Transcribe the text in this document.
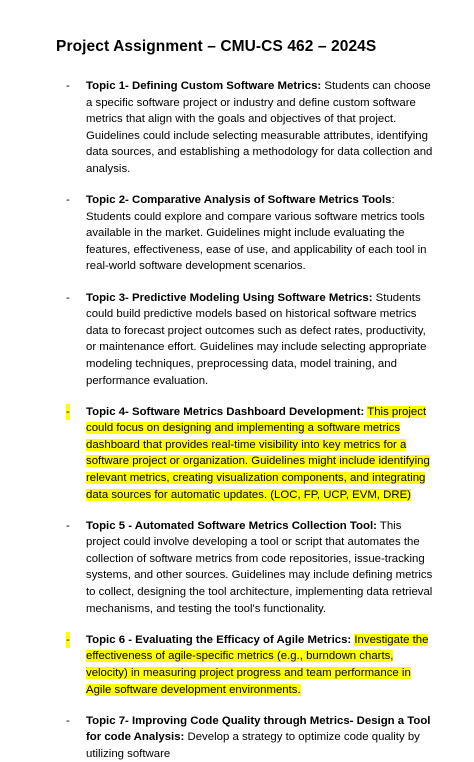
Project Assignment – CMU-CS 462 – 2024S
- Topic 1- Defining Custom Software Metrics: Students can choose a specific software project or industry and define custom software metrics that align with the goals and objectives of that project. Guidelines could include selecting measurable attributes, identifying data sources, and establishing a methodology for data collection and analysis.
- Topic 2- Comparative Analysis of Software Metrics Tools: Students could explore and compare various software metrics tools available in the market. Guidelines might include evaluating the features, effectiveness, ease of use, and applicability of each tool in real-world software development scenarios.
- Topic 3- Predictive Modeling Using Software Metrics: Students could build predictive models based on historical software metrics data to forecast project outcomes such as defect rates, productivity, or maintenance effort. Guidelines may include selecting appropriate modeling techniques, preprocessing data, model training, and performance evaluation.
- Topic 4- Software Metrics Dashboard Development: This project could focus on designing and implementing a software metrics dashboard that provides real-time visibility into key metrics for a software project or organization. Guidelines might include identifying relevant metrics, creating visualization components, and integrating data sources for automatic updates. (LOC, FP, UCP, EVM, DRE)
- Topic 5 - Automated Software Metrics Collection Tool: This project could involve developing a tool or script that automates the collection of software metrics from code repositories, issue-tracking systems, and other sources. Guidelines may include defining metrics to collect, designing the tool architecture, implementing data retrieval mechanisms, and testing the tool's functionality.
- Topic 6 - Evaluating the Efficacy of Agile Metrics: Investigate the effectiveness of agile-specific metrics (e.g., burndown charts, velocity) in measuring project progress and team performance in Agile software development environments.
- Topic 7- Improving Code Quality through Metrics- Design a Tool for code Analysis: Develop a strategy to optimize code quality by utilizing software
